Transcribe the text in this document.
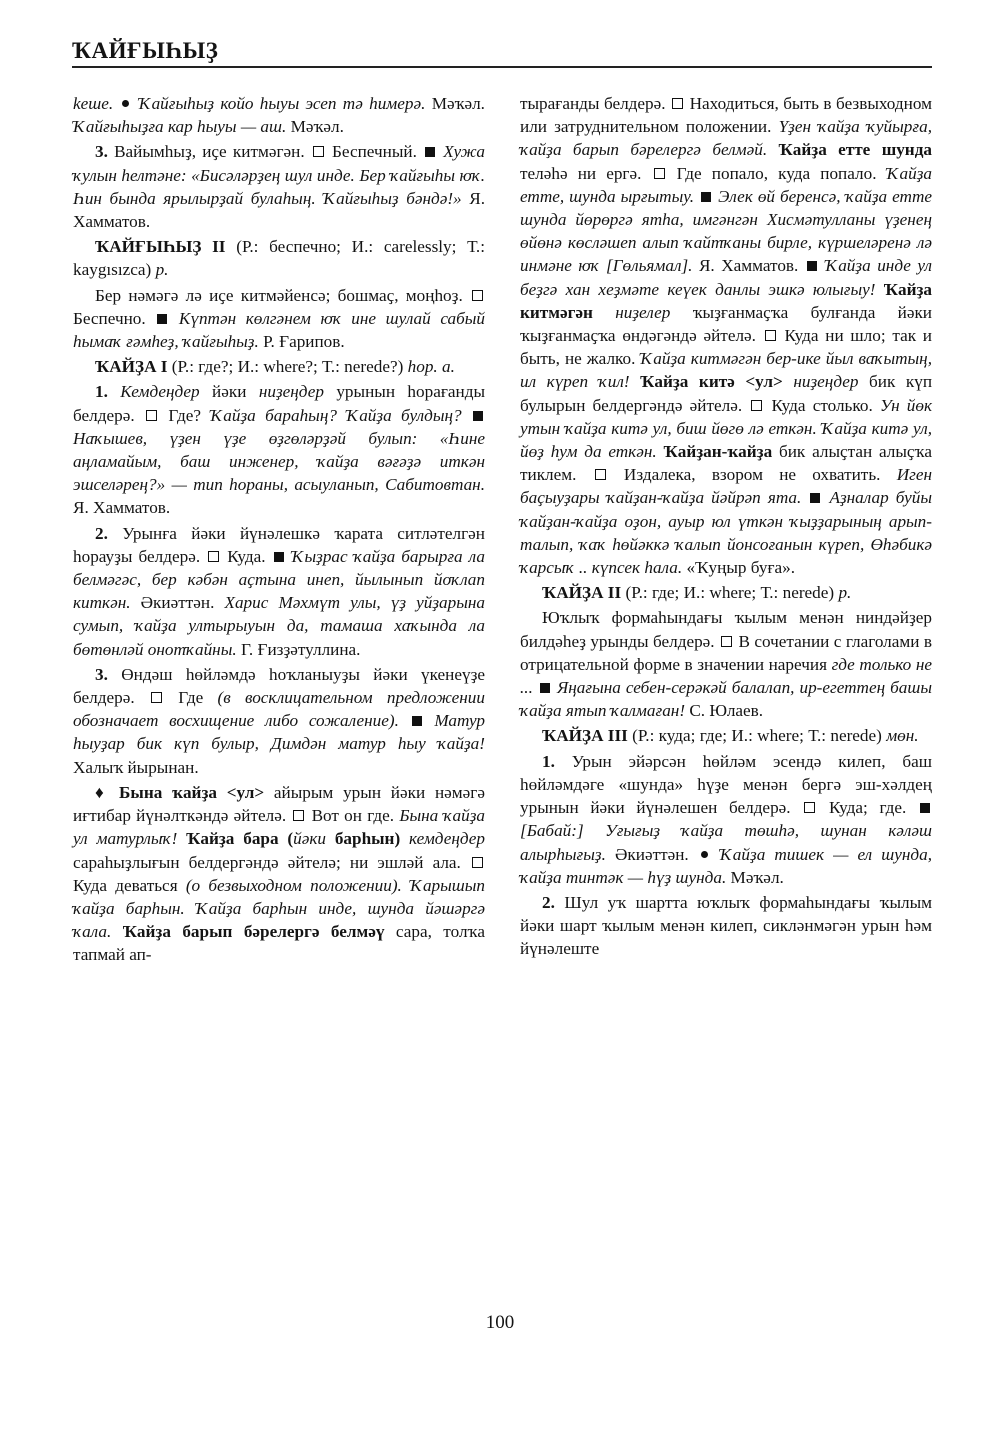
ҠАЙҒЫҺЫҘ

keше.  Ҡайғыһыҙ койо һыуы эсеп тә һимерә. Мәҡәл. Ҡайғыһыҙға кар һыуы — аш. Мәҡәл.

3. Вайымһыҙ, иҫе китмәгән.  Беспечный.  Хужа ҡулын һелтәне: «Бисәләрҙең шул инде. Бер ҡайғыһы юҡ. Һин бында ярылырҙай булаһың. Ҡайғыһыҙ бәндә!» Я. Хамматов.

ҠАЙҒЫҺЫҘ II (Р.: беспечно; И.: carelessly; Т.: kaygısızca) р.

Бер нәмәгә лә иҫе китмәйенсә; бошмаҫ, моңһоҙ.  Беспечно.  Күптән көлгәнем юҡ ине шулай сабый һымаҡ ғәмһеҙ, ҡайғыһыҙ. Р. Ғарипов.

ҠАЙҘА I (Р.: где?; И.: where?; Т.: nerede?) һор. а.

1. Кемдеңдер йәки ниҙеңдер урынын һорағанды белдерә.  Где? Ҡайҙа бараһың? Ҡайҙа булдың?  Наҡышев, үҙен үҙе өҙгөләрҙәй булып: «Һине аңламайым, баш инженер, ҡайҙа вәғәҙә иткән эшселәрең?» — тип һораны, асыуланып, Сабитовтан. Я. Хамматов.

2. Урынға йәки йүнәлешкә ҡарата ситләтелгән һорауҙы белдерә.  Куда.  Ҡыҙрас ҡайҙа барырға ла белмәгәс, бер кәбән аҫтына инеп, йылынып йоҡлап киткән. Әкиәттән. Харис Мәхмүт улы, үҙ уйҙарына сумып, ҡайҙа ултырыуын да, тамаша хаҡында ла бөтөнләй онотҡайны. Г. Ғизҙәтуллина.

3. Өндәш һөйләмдә һоҡланыуҙы йәки үкенеүҙе белдерә.  Где (в восклицательном предложении обозначает восхищение либо сожаление).  Матур һыуҙар бик күп булыр, Димдән матур һыу ҡайҙа! Халыҡ йырынан.

♦ Бына ҡайҙа <ул> айырым урын йәки нәмәгә иғтибар йүнәлткәндә әйтелә.  Вот он где. Бына ҡайҙа ул матурлыҡ! Ҡайҙа бара (йәки барһын) кемдеңдер сараһыҙлығын белдергәндә әйтелә; ни эшләй ала.  Куда деваться (о безвыходном положении). Ҡарышып ҡайҙа барһын. Ҡайҙа барһын инде, шунда йәшәргә ҡала. Ҡайҙа барып бәрелергә белмәү сара, толҡа тапмай ап-

тырағанды белдерә.  Находиться, быть в безвыходном или затруднительном положении. Үҙен ҡайҙа ҡуйырға, ҡайҙа барып бәрелергә белмәй. Ҡайҙа етте шунда теләһә ни ергә.  Где попало, куда попало. Ҡайҙа етте, шунда ырғытыу.  Элек өй беренсә, ҡайҙа етте шунда йөрөргә ятһа, имгәнгән Хисмәтулланы үҙенең өйөнә көсләшеп алып ҡайтҡаны бирле, күршеләренә лә инмәне юҡ [Гөльямал]. Я. Хамматов.  Ҡайҙа инде ул беҙгә хан хеҙмәте кеүек данлы эшкә юлығыу! Ҡайҙа китмәгән ниҙелер ҡыҙғанмаҫҡа булғанда йәки ҡыҙғанмаҫҡа өндәгәндә әйтелә.  Куда ни шло; так и быть, не жалко. Ҡайҙа китмәгән бер-ике йыл ваҡытың, ил күреп ҡил! Ҡайҙа китә <ул> ниҙеңдер бик күп булырын белдергәндә әйтелә.  Куда столько. Ун йөк утын ҡайҙа китә ул, биш йөгө лә еткән. Ҡайҙа китә ул, йөҙ һум да еткән. Ҡайҙан-ҡайҙа бик алыҫтан алыҫҡа тиклем.  Издалека, взором не охватить. Иген баҫыуҙары ҡайҙан-ҡайҙа йәйрәп ята.  Аҙналар буйы ҡайҙан-ҡайҙа оҙон, ауыр юл үткән ҡыҙҙарының арып-талып, ҡаҡ һөйәккә ҡалып йонсоғанын күреп, Өһәбикә ҡарсыҡ .. күпсек һала. «Ҡуңыр буға».

ҠАЙҘА II (Р.: где; И.: where; Т.: nerede) р.

Юҡлыҡ формаһындағы ҡылым менән ниндәйҙер билдәһеҙ урынды белдерә.  В сочетании с глаголами в отрицательной форме в значении наречия где только не ...  Яңағына себен-серәкәй балалап, ир-егеттең башы ҡайҙа ятып ҡалмаған! С. Юлаев.

ҠАЙҘА III (Р.: куда; где; И.: where; Т.: nerede) мөн.

1. Урын эйәрсән һөйләм эсендә килеп, баш һөйләмдәге «шунда» һүҙе менән бергә эш-хәлдең урынын йәки йүнәлешен белдерә.  Куда; где.  [Бабай:] Уғығыҙ ҡайҙа төшһә, шунан кәләш алырһығыҙ. Әкиәттән.  Ҡайҙа тишек — ел шунда, ҡайҙа тинтәк — һүҙ шунда. Мәҡәл.

2. Шул уҡ шартта юҡлыҡ формаһындағы ҡылым йәки шарт ҡылым менән килеп, сикләнмәгән урын һәм йүнәлеште

100
